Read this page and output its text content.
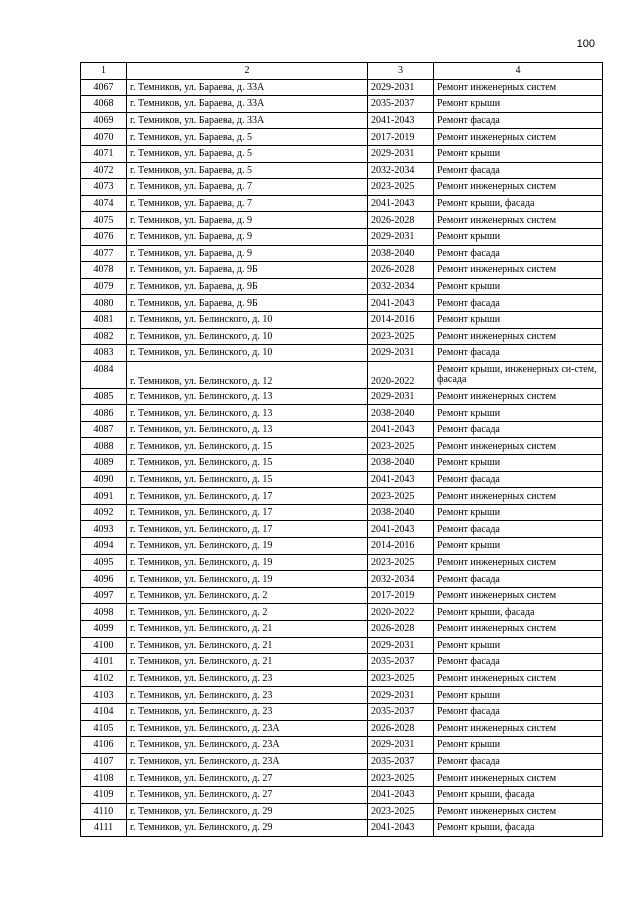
100
1	2	3	4
4067	г. Темников, ул. Бараева, д. 33А	2029-2031	Ремонт инженерных систем
4068	г. Темников, ул. Бараева, д. 33А	2035-2037	Ремонт крыши
4069	г. Темников, ул. Бараева, д. 33А	2041-2043	Ремонт фасада
4070	г. Темников, ул. Бараева, д. 5	2017-2019	Ремонт инженерных систем
4071	г. Темников, ул. Бараева, д. 5	2029-2031	Ремонт крыши
4072	г. Темников, ул. Бараева, д. 5	2032-2034	Ремонт фасада
4073	г. Темников, ул. Бараева, д. 7	2023-2025	Ремонт инженерных систем
4074	г. Темников, ул. Бараева, д. 7	2041-2043	Ремонт крыши, фасада
4075	г. Темников, ул. Бараева, д. 9	2026-2028	Ремонт инженерных систем
4076	г. Темников, ул. Бараева, д. 9	2029-2031	Ремонт крыши
4077	г. Темников, ул. Бараева, д. 9	2038-2040	Ремонт фасада
4078	г. Темников, ул. Бараева, д. 9Б	2026-2028	Ремонт инженерных систем
4079	г. Темников, ул. Бараева, д. 9Б	2032-2034	Ремонт крыши
4080	г. Темников, ул. Бараева, д. 9Б	2041-2043	Ремонт фасада
4081	г. Темников, ул. Белинского, д. 10	2014-2016	Ремонт крыши
4082	г. Темников, ул. Белинского, д. 10	2023-2025	Ремонт инженерных систем
4083	г. Темников, ул. Белинского, д. 10	2029-2031	Ремонт фасада
4084	г. Темников, ул. Белинского, д. 12	2020-2022	Ремонт крыши, инженерных си-стем, фасада
4085	г. Темников, ул. Белинского, д. 13	2029-2031	Ремонт инженерных систем
4086	г. Темников, ул. Белинского, д. 13	2038-2040	Ремонт крыши
4087	г. Темников, ул. Белинского, д. 13	2041-2043	Ремонт фасада
4088	г. Темников, ул. Белинского, д. 15	2023-2025	Ремонт инженерных систем
4089	г. Темников, ул. Белинского, д. 15	2038-2040	Ремонт крыши
4090	г. Темников, ул. Белинского, д. 15	2041-2043	Ремонт фасада
4091	г. Темников, ул. Белинского, д. 17	2023-2025	Ремонт инженерных систем
4092	г. Темников, ул. Белинского, д. 17	2038-2040	Ремонт крыши
4093	г. Темников, ул. Белинского, д. 17	2041-2043	Ремонт фасада
4094	г. Темников, ул. Белинского, д. 19	2014-2016	Ремонт крыши
4095	г. Темников, ул. Белинского, д. 19	2023-2025	Ремонт инженерных систем
4096	г. Темников, ул. Белинского, д. 19	2032-2034	Ремонт фасада
4097	г. Темников, ул. Белинского, д. 2	2017-2019	Ремонт инженерных систем
4098	г. Темников, ул. Белинского, д. 2	2020-2022	Ремонт крыши, фасада
4099	г. Темников, ул. Белинского, д. 21	2026-2028	Ремонт инженерных систем
4100	г. Темников, ул. Белинского, д. 21	2029-2031	Ремонт крыши
4101	г. Темников, ул. Белинского, д. 21	2035-2037	Ремонт фасада
4102	г. Темников, ул. Белинского, д. 23	2023-2025	Ремонт инженерных систем
4103	г. Темников, ул. Белинского, д. 23	2029-2031	Ремонт крыши
4104	г. Темников, ул. Белинского, д. 23	2035-2037	Ремонт фасада
4105	г. Темников, ул. Белинского, д. 23А	2026-2028	Ремонт инженерных систем
4106	г. Темников, ул. Белинского, д. 23А	2029-2031	Ремонт крыши
4107	г. Темников, ул. Белинского, д. 23А	2035-2037	Ремонт фасада
4108	г. Темников, ул. Белинского, д. 27	2023-2025	Ремонт инженерных систем
4109	г. Темников, ул. Белинского, д. 27	2041-2043	Ремонт крыши, фасада
4110	г. Темников, ул. Белинского, д. 29	2023-2025	Ремонт инженерных систем
4111	г. Темников, ул. Белинского, д. 29	2041-2043	Ремонт крыши, фасада
